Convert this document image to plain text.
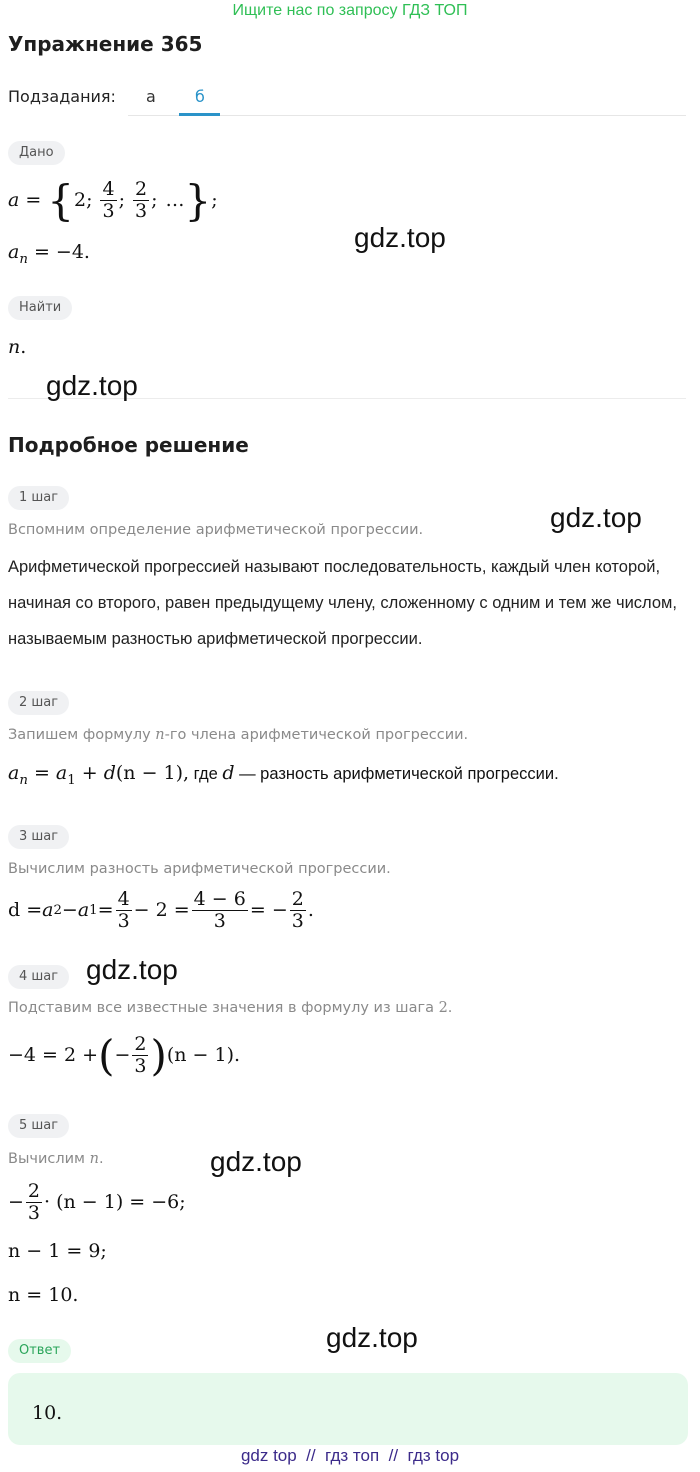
Ищите нас по запросу ГДЗ ТОП
Упражнение 365
Подзадания: а б
Дано
a = { 2; $\frac{4}{3}$ ; $\frac{2}{3}$ ; … } ;
$a_n = -4$.
Найти
n.
Подробное решение
1 шаг
Вспомним определение арифметической прогрессии.
Арифметической прогрессией называют последовательность, каждый член которой, начиная со второго, равен предыдущему члену, сложенному с одним и тем же числом, называемым разностью арифметической прогрессии.
2 шаг
Запишем формулу n-го члена арифметической прогрессии.
$a_n = a_1 + d(n - 1)$, где d — разность арифметической прогрессии.
3 шаг
Вычислим разность арифметической прогрессии.
d = a 2 − a $1 = \frac{4}{3} - 2 = \frac{4 - 6}{3}$ = − $\frac{2}{3}$ .
4 шаг
Подставим все известные значения в формулу из шага 2.
−4 = 2 + ( − $\frac{2}{3}$ ) (n − 1).
5 шаг
Вычислим n.
− $\frac{2}{3} \cdot (n - 1) = -6$;
n − 1 = 9;
n = 10.
Ответ
10.
gdz.top
gdz.top
gdz.top
gdz.top
gdz.top
gdz.top
gdz top  //  гдз топ  //  гдз top
